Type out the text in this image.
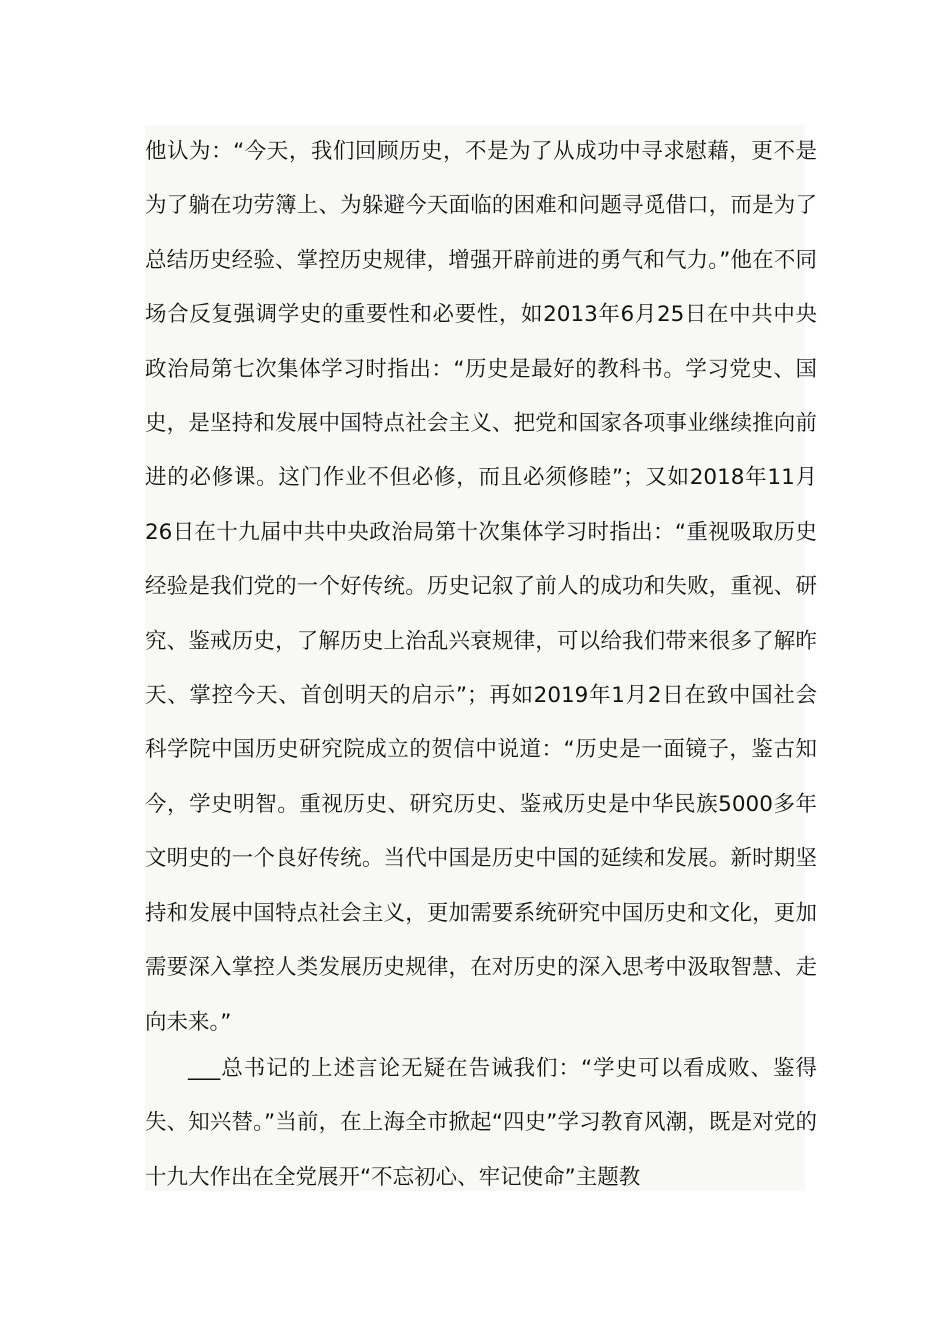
他认为：“今天，我们回顾历史，不是为了从成功中寻求慰藉，更不是为了躺在功劳簿上、为躲避今天面临的困难和问题寻觅借口，而是为了总结历史经验、掌控历史规律，增强开辟前进的勇气和气力。”他在不同场合反复强调学史的重要性和必要性，如2013年6月25日在中共中央政治局第七次集体学习时指出：“历史是最好的教科书。学习党史、国史，是坚持和发展中国特点社会主义、把党和国家各项事业继续推向前进的必修课。这门作业不但必修，而且必须修睦”；又如2018年11月26日在十九届中共中央政治局第十次集体学习时指出：“重视吸取历史经验是我们党的一个好传统。历史记叙了前人的成功和失败，重视、研究、鉴戒历史，了解历史上治乱兴衰规律，可以给我们带来很多了解昨天、掌控今天、首创明天的启示”；再如2019年1月2日在致中国社会科学院中国历史研究院成立的贺信中说道：“历史是一面镜子，鉴古知今，学史明智。重视历史、研究历史、鉴戒历史是中华民族5000多年文明史的一个良好传统。当代中国是历史中国的延续和发展。新时期坚持和发展中国特点社会主义，更加需要系统研究中国历史和文化，更加需要深入掌控人类发展历史规律，在对历史的深入思考中汲取智慧、走向未来。”

___总书记的上述言论无疑在告诫我们：“学史可以看成败、鉴得失、知兴替。”当前，在上海全市掀起“四史”学习教育风潮，既是对党的十九大作出在全党展开“不忘初心、牢记使命”主题教
